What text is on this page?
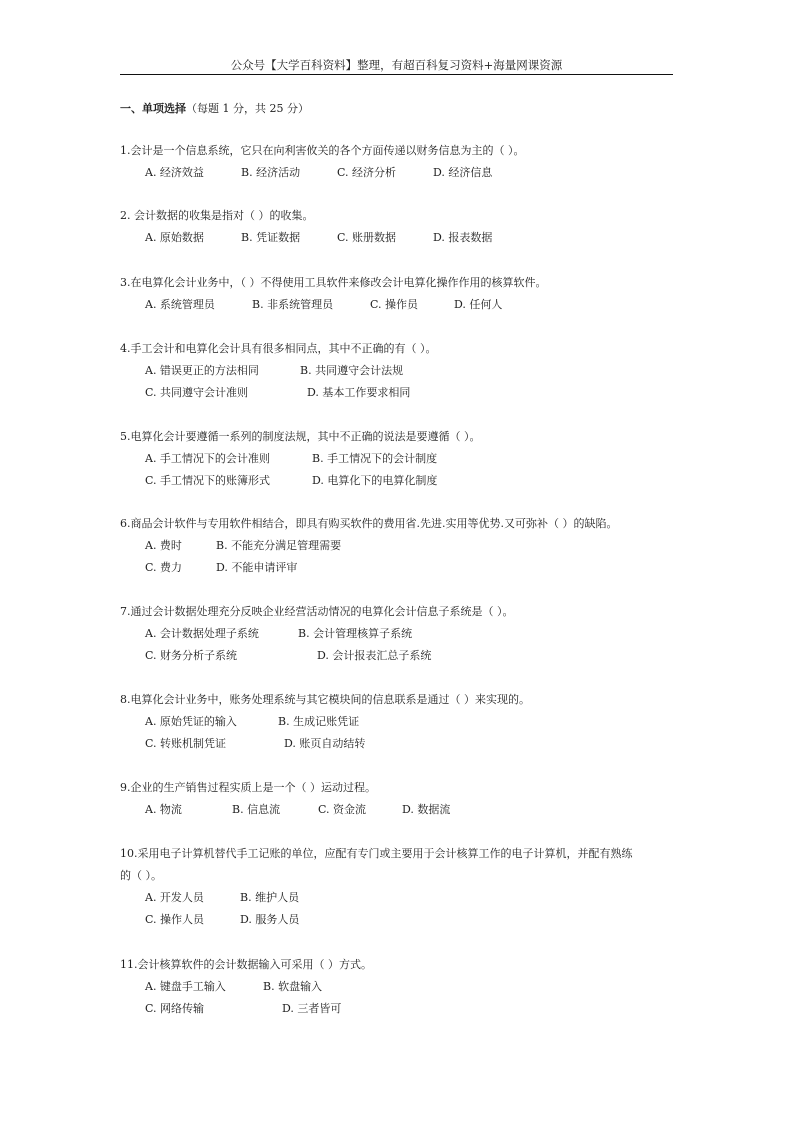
公众号【大学百科资料】整理，有超百科复习资料+海量网课资源
一、单项选择（每题 1 分，共 25 分）
1.会计是一个信息系统，它只在向利害攸关的各个方面传递以财务信息为主的（ ）。
A. 经济效益	B. 经济活动	C. 经济分析	D. 经济信息
2. 会计数据的收集是指对（ ）的收集。
A. 原始数据	B. 凭证数据	C. 账册数据	D. 报表数据
3.在电算化会计业务中，（ ）不得使用工具软件来修改会计电算化操作作用的核算软件。
A. 系统管理员	B. 非系统管理员	C. 操作员	D. 任何人
4.手工会计和电算化会计具有很多相同点，其中不正确的有（ ）。
A. 错误更正的方法相同	B. 共同遵守会计法规
C. 共同遵守会计准则	D. 基本工作要求相同
5.电算化会计要遵循一系列的制度法规，其中不正确的说法是要遵循（ ）。
A. 手工情况下的会计准则	B. 手工情况下的会计制度
C. 手工情况下的账簿形式	D. 电算化下的电算化制度
6.商品会计软件与专用软件相结合，即具有购买软件的费用省.先进.实用等优势.又可弥补（ ）的缺陷。
A. 费时	B. 不能充分满足管理需要
C. 费力	D. 不能申请评审
7.通过会计数据处理充分反映企业经营活动情况的电算化会计信息子系统是（ ）。
A. 会计数据处理子系统	B. 会计管理核算子系统
C. 财务分析子系统	D. 会计报表汇总子系统
8.电算化会计业务中，账务处理系统与其它模块间的信息联系是通过（ ）来实现的。
A. 原始凭证的输入	B. 生成记账凭证
C. 转账机制凭证	D. 账页自动结转
9.企业的生产销售过程实质上是一个（ ）运动过程。
A. 物流	B. 信息流	C. 资金流	D. 数据流
10.采用电子计算机替代手工记账的单位，应配有专门或主要用于会计核算工作的电子计算机，并配有熟练
的（ ）。
A. 开发人员	B. 维护人员
C. 操作人员	D. 服务人员
11.会计核算软件的会计数据输入可采用（ ）方式。
A. 键盘手工输入	B. 软盘输入
C. 网络传输	D. 三者皆可
